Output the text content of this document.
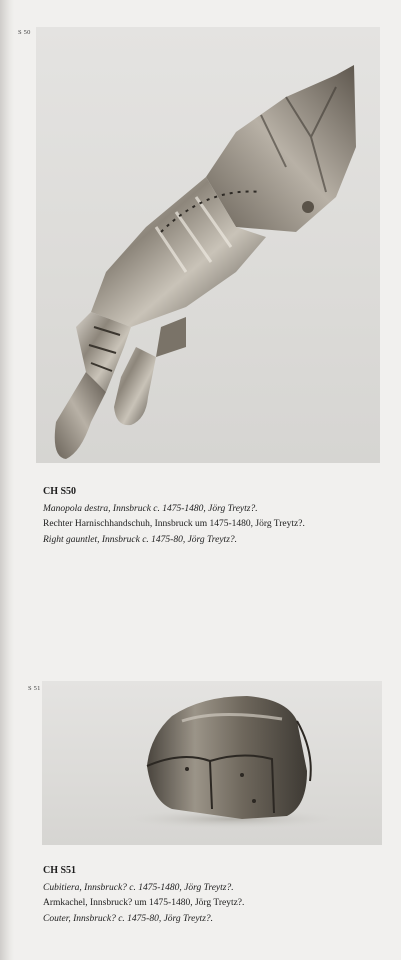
S 50
CH S50
Manopola destra, Innsbruck c. 1475-1480, Jörg Treytz?.
Rechter Harnischhandschuh, Innsbruck um 1475-1480, Jörg Treytz?.
Right gauntlet, Innsbruck c. 1475-80, Jörg Treytz?.
S 51
CH S51
Cubitiera, Innsbruck? c. 1475-1480, Jörg Treytz?.
Armkachel, Innsbruck? um 1475-1480, Jörg Treytz?.
Couter, Innsbruck? c. 1475-80, Jörg Treytz?.
